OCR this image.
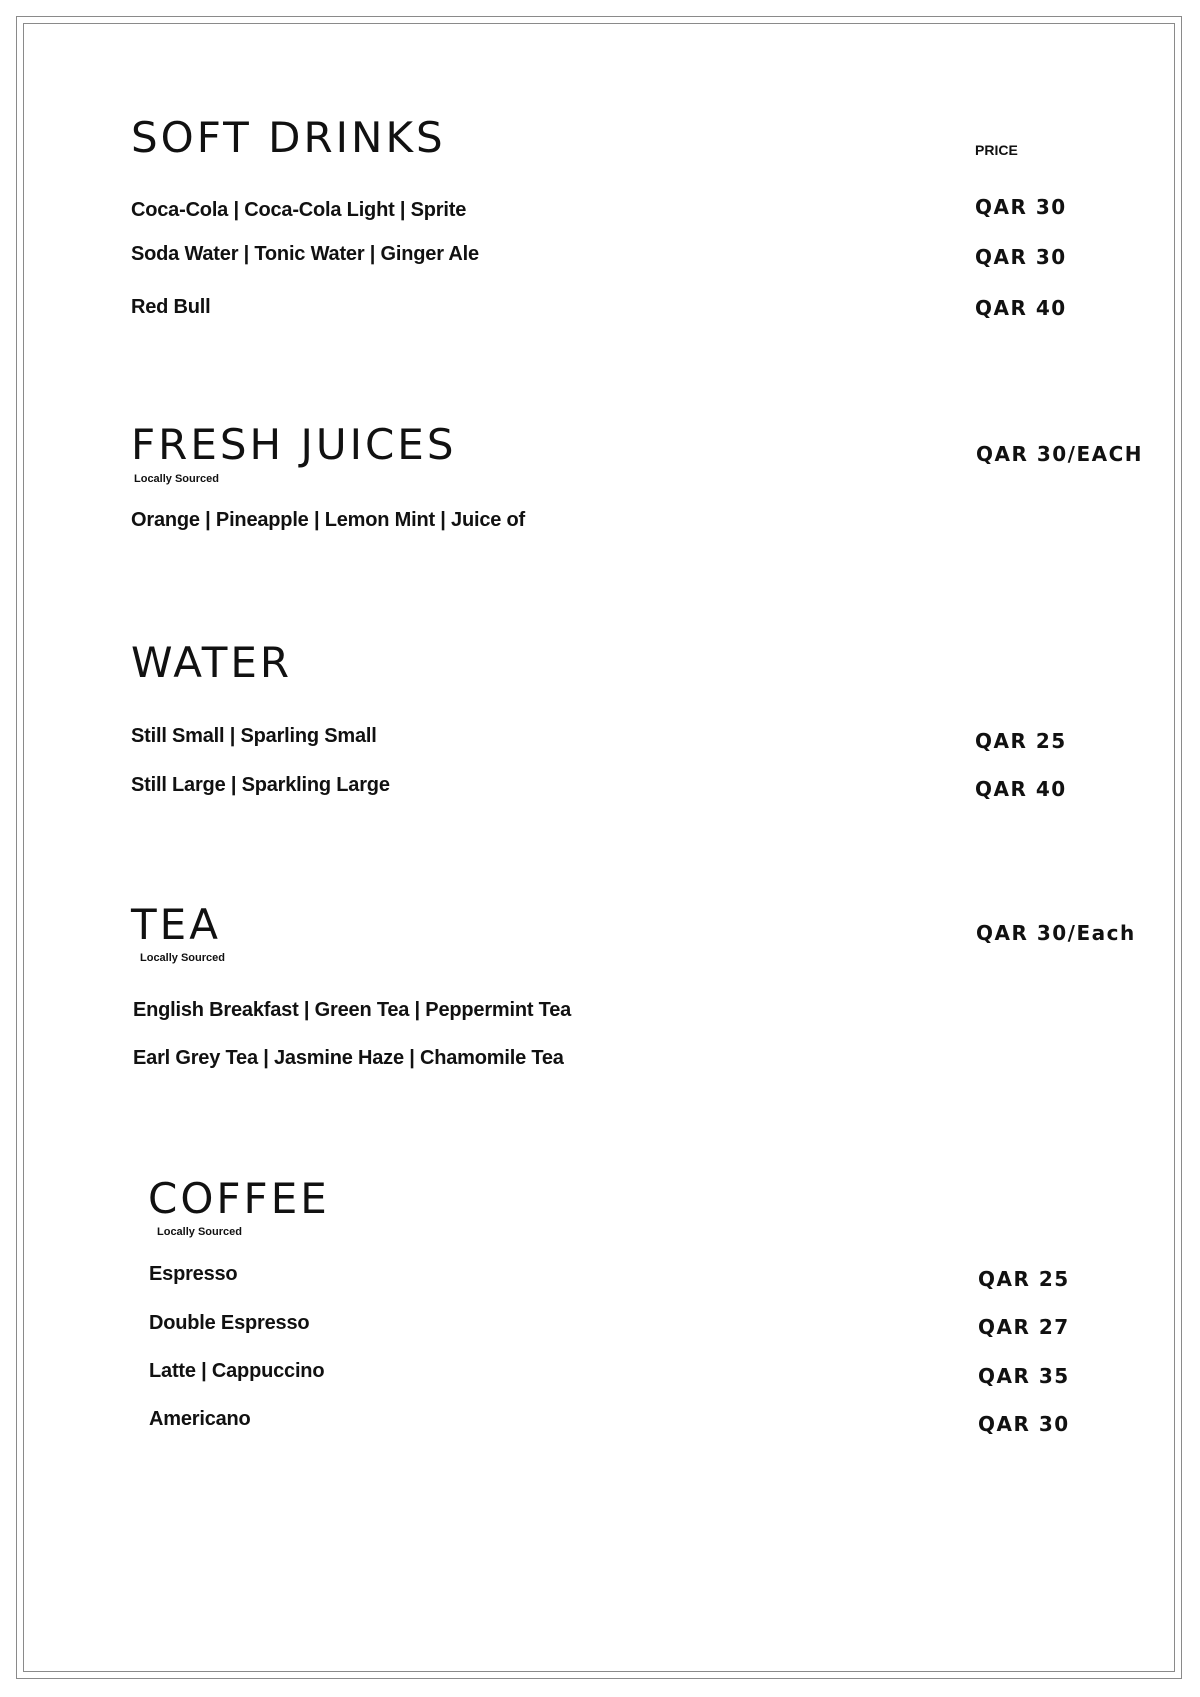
SOFT DRINKS	PRICE
Coca-Cola | Coca-Cola Light | Sprite	QAR 30
Soda Water | Tonic Water | Ginger Ale	QAR 30
Red Bull	QAR 40
FRESH JUICES
Locally Sourced
QAR 30/EACH
Orange | Pineapple | Lemon Mint | Juice of
WATER
Still Small | Sparling Small	QAR 25
Still Large | Sparkling Large	QAR 40
TEA
Locally Sourced
QAR 30/Each
English Breakfast | Green Tea | Peppermint Tea
Earl Grey Tea | Jasmine Haze | Chamomile Tea
COFFEE
Locally Sourced
Espresso	QAR 25
Double Espresso	QAR 27
Latte | Cappuccino	QAR 35
Americano	QAR 30
